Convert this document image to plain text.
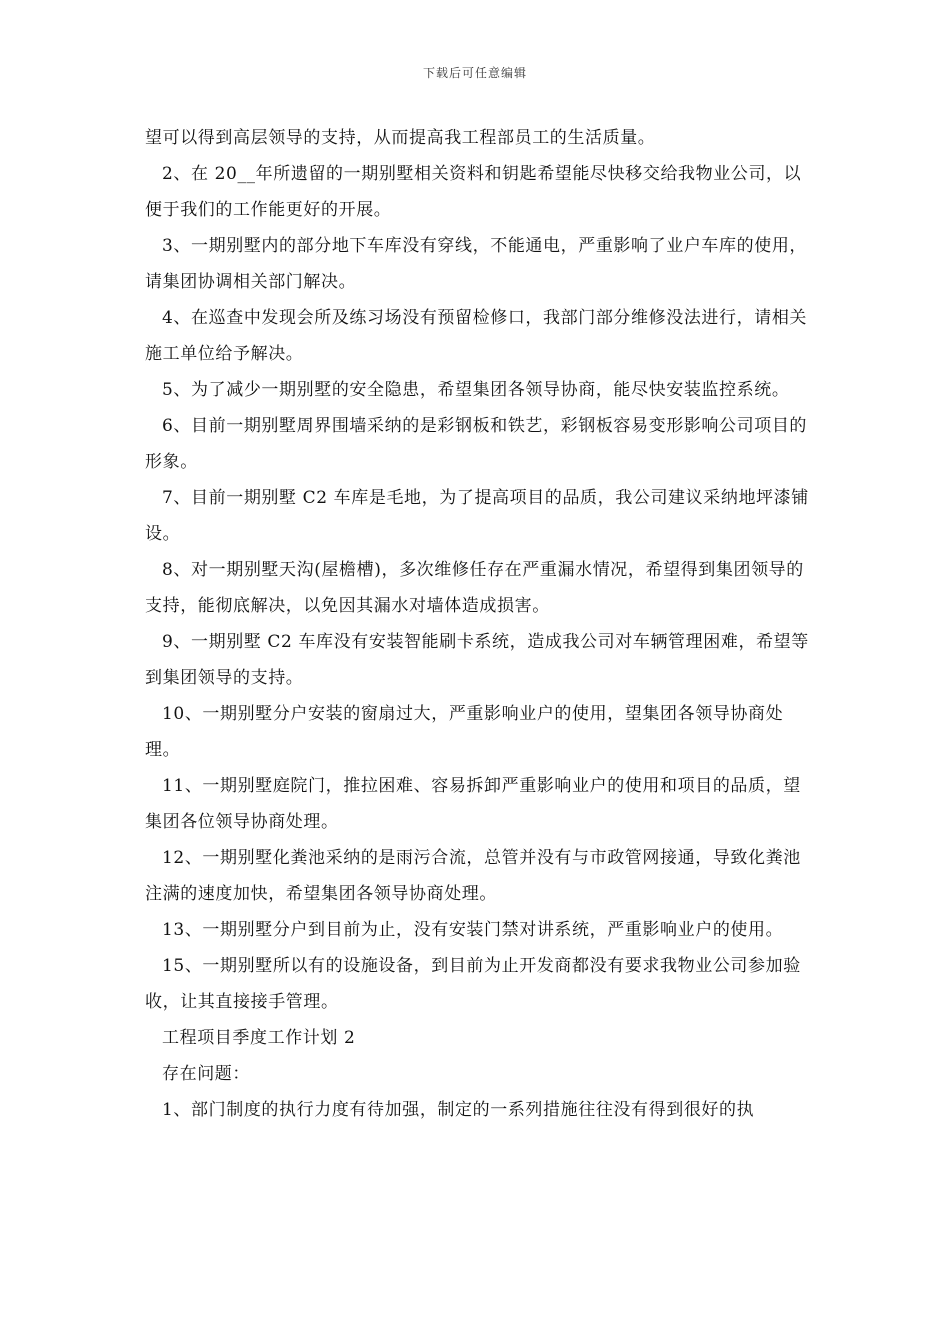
下载后可任意编辑

望可以得到高层领导的支持，从而提高我工程部员工的生活质量。

2、在 20__年所遗留的一期别墅相关资料和钥匙希望能尽快移交给我物业公司，以便于我们的工作能更好的开展。

3、一期别墅内的部分地下车库没有穿线，不能通电，严重影响了业户车库的使用，请集团协调相关部门解决。

4、在巡查中发现会所及练习场没有预留检修口，我部门部分维修没法进行，请相关施工单位给予解决。

5、为了减少一期别墅的安全隐患，希望集团各领导协商，能尽快安装监控系统。

6、目前一期别墅周界围墙采纳的是彩钢板和铁艺，彩钢板容易变形影响公司项目的形象。

7、目前一期别墅 C2 车库是毛地，为了提高项目的品质，我公司建议采纳地坪漆铺设。

8、对一期别墅天沟(屋檐槽)，多次维修任存在严重漏水情况，希望得到集团领导的支持，能彻底解决，以免因其漏水对墙体造成损害。

9、一期别墅 C2 车库没有安装智能刷卡系统，造成我公司对车辆管理困难，希望等到集团领导的支持。

10、一期别墅分户安装的窗扇过大，严重影响业户的使用，望集团各领导协商处理。

11、一期别墅庭院门，推拉困难、容易拆卸严重影响业户的使用和项目的品质，望集团各位领导协商处理。

12、一期别墅化粪池采纳的是雨污合流，总管并没有与市政管网接通，导致化粪池注满的速度加快，希望集团各领导协商处理。

13、一期别墅分户到目前为止，没有安装门禁对讲系统，严重影响业户的使用。

15、一期别墅所以有的设施设备，到目前为止开发商都没有要求我物业公司参加验收，让其直接接手管理。

工程项目季度工作计划 2

存在问题：

1、部门制度的执行力度有待加强，制定的一系列措施往往没有得到很好的执
